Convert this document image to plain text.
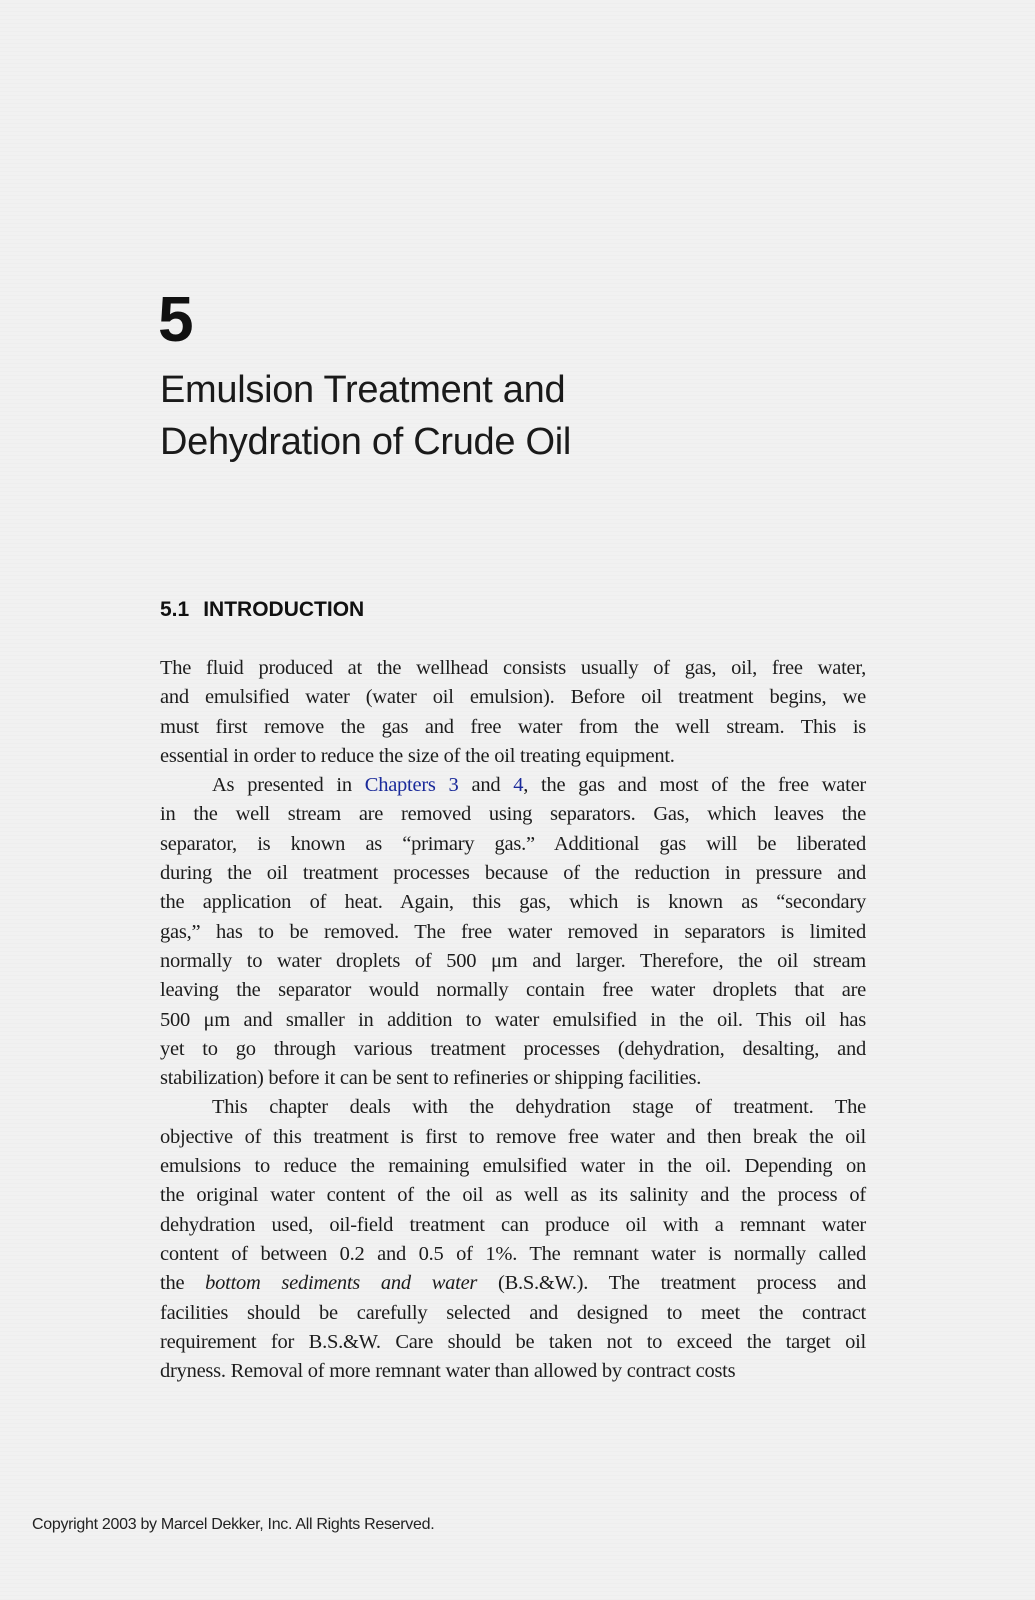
5
Emulsion Treatment and
Dehydration of Crude Oil
5.1 INTRODUCTION
The fluid produced at the wellhead consists usually of gas, oil, free water,
and emulsified water (water oil emulsion). Before oil treatment begins, we
must first remove the gas and free water from the well stream. This is
essential in order to reduce the size of the oil treating equipment.
As presented in Chapters 3 and 4, the gas and most of the free water
in the well stream are removed using separators. Gas, which leaves the
separator, is known as “primary gas.” Additional gas will be liberated
during the oil treatment processes because of the reduction in pressure and
the application of heat. Again, this gas, which is known as “secondary
gas,” has to be removed. The free water removed in separators is limited
normally to water droplets of 500 μm and larger. Therefore, the oil stream
leaving the separator would normally contain free water droplets that are
500 μm and smaller in addition to water emulsified in the oil. This oil has
yet to go through various treatment processes (dehydration, desalting, and
stabilization) before it can be sent to refineries or shipping facilities.
This chapter deals with the dehydration stage of treatment. The
objective of this treatment is first to remove free water and then break the oil
emulsions to reduce the remaining emulsified water in the oil. Depending on
the original water content of the oil as well as its salinity and the process of
dehydration used, oil-field treatment can produce oil with a remnant water
content of between 0.2 and 0.5 of 1%. The remnant water is normally called
the bottom sediments and water (B.S.&W.). The treatment process and
facilities should be carefully selected and designed to meet the contract
requirement for B.S.&W. Care should be taken not to exceed the target oil
dryness. Removal of more remnant water than allowed by contract costs
Copyright 2003 by Marcel Dekker, Inc. All Rights Reserved.
